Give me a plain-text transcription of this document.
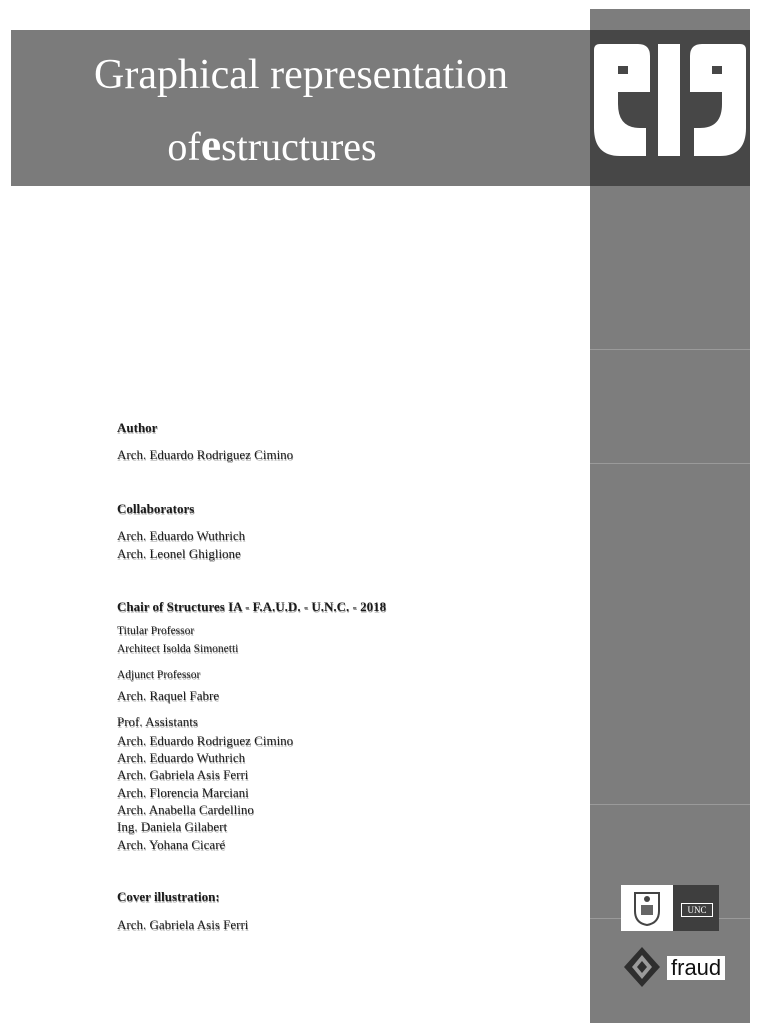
Graphical representation
ofestructures
Author
Arch. Eduardo Rodriguez Cimino
Collaborators
Arch. Eduardo Wuthrich
Arch. Leonel Ghiglione
Chair of Structures IA - F.A.U.D. - U.N.C. - 2018
Titular Professor
Architect Isolda Simonetti
Adjunct Professor
Arch. Raquel Fabre
Prof. Assistants
Arch. Eduardo Rodriguez Cimino
Arch. Eduardo Wuthrich
Arch. Gabriela Asis Ferri
Arch. Florencia Marciani
Arch. Anabella Cardellino
Ing. Daniela Gilabert
Arch. Yohana Cicaré
Cover illustration:
Arch. Gabriela Asis Ferri
UNC
fraud
